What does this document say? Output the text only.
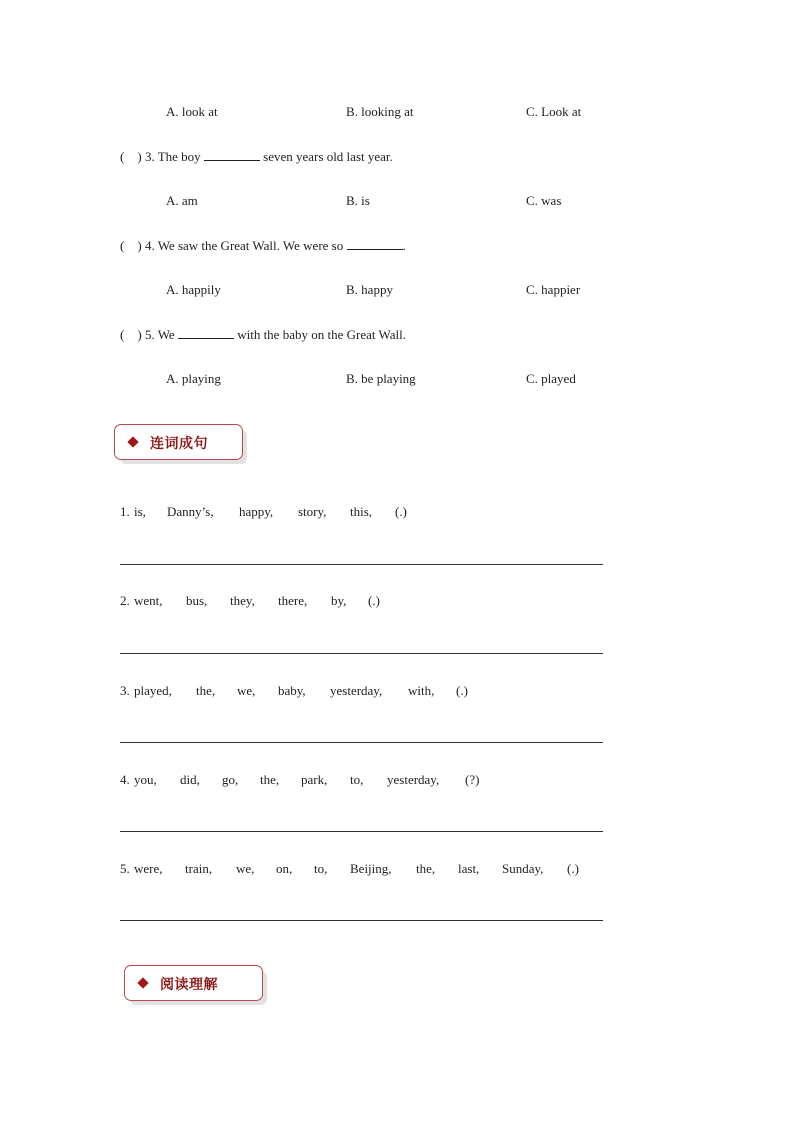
A. look at	B. looking at	C. Look at
( ) 3. The boy	seven years old last year.
A. am	B. is	C. was
( ) 4. We saw the Great Wall. We were so	.
A. happily	B. happy	C. happier
( ) 5. We	with the baby on the Great Wall.
A. playing	B. be playing	C. played
连词成句
1. is, Danny’s, happy, story, this, (.)
2. went, bus, they, there, by, (.)
3. played, the, we, baby, yesterday, with, (.)
4. you, did, go, the, park, to, yesterday, (?)
5. were, train, we, on, to, Beijing, the, last, Sunday, (.)
阅读理解
